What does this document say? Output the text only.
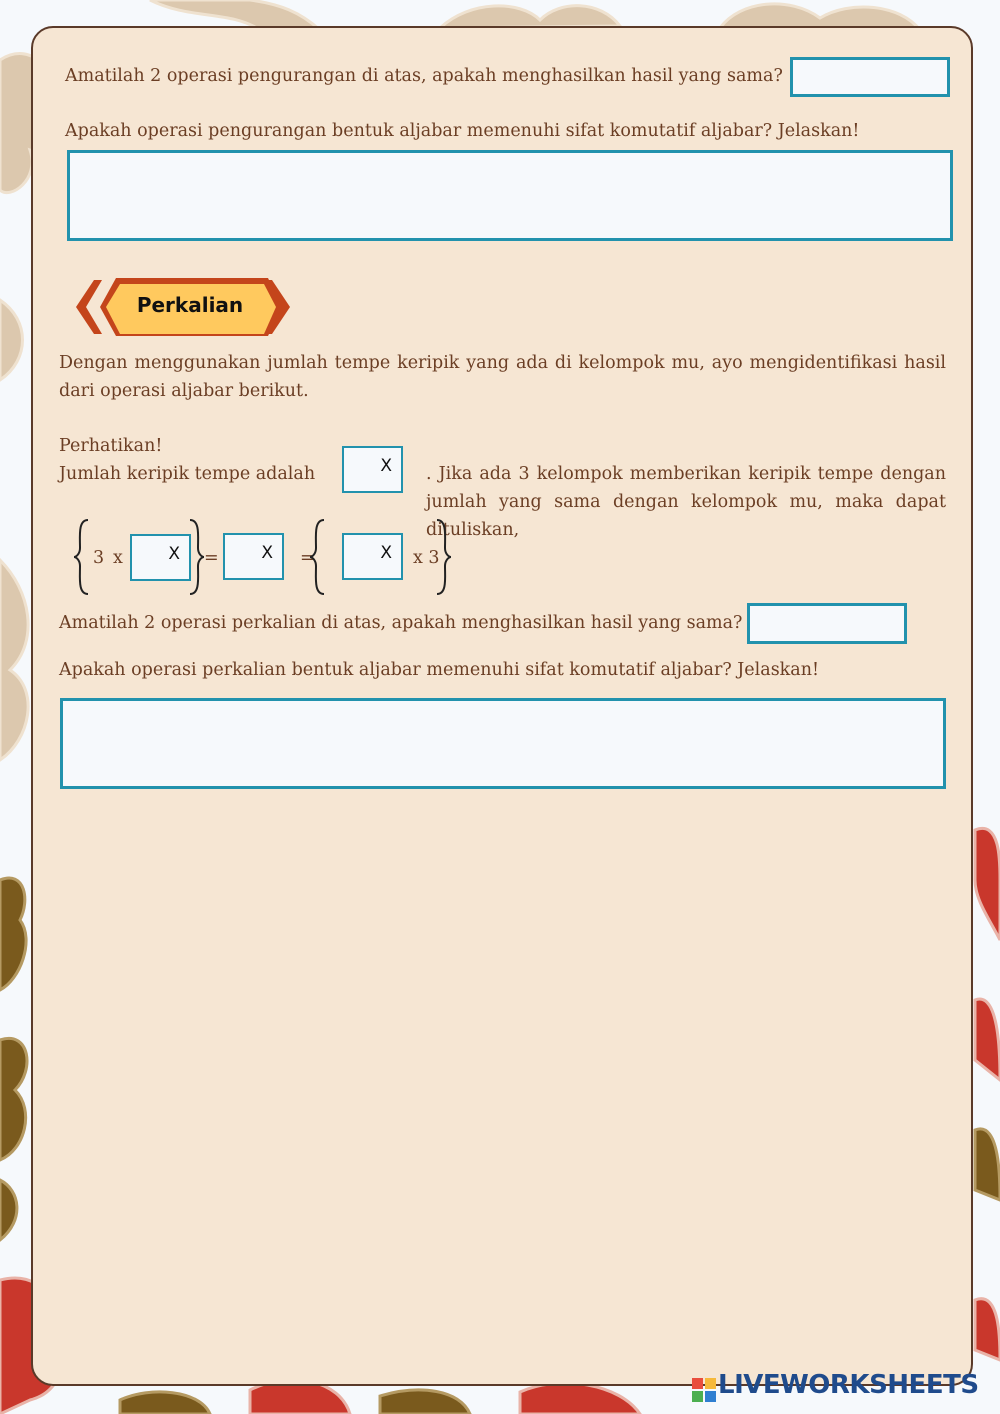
Amatilah 2 operasi pengurangan di atas, apakah menghasilkan hasil yang sama?
Apakah operasi pengurangan bentuk aljabar memenuhi sifat komutatif aljabar? Jelaskan!
Perkalian
Dengan menggunakan jumlah tempe keripik yang ada di kelompok mu, ayo mengidentifikasi hasil dari operasi aljabar berikut.
Perhatikan!
Jumlah keripik tempe adalah	X . Jika ada 3 kelompok memberikan keripik tempe dengan jumlah yang sama dengan kelompok mu, maka dapat dituliskan,
3 x	X =	X =	X x 3
Amatilah 2 operasi perkalian di atas, apakah menghasilkan hasil yang sama?
Apakah operasi perkalian bentuk aljabar memenuhi sifat komutatif aljabar? Jelaskan!
LIVEWORKSHEETS
